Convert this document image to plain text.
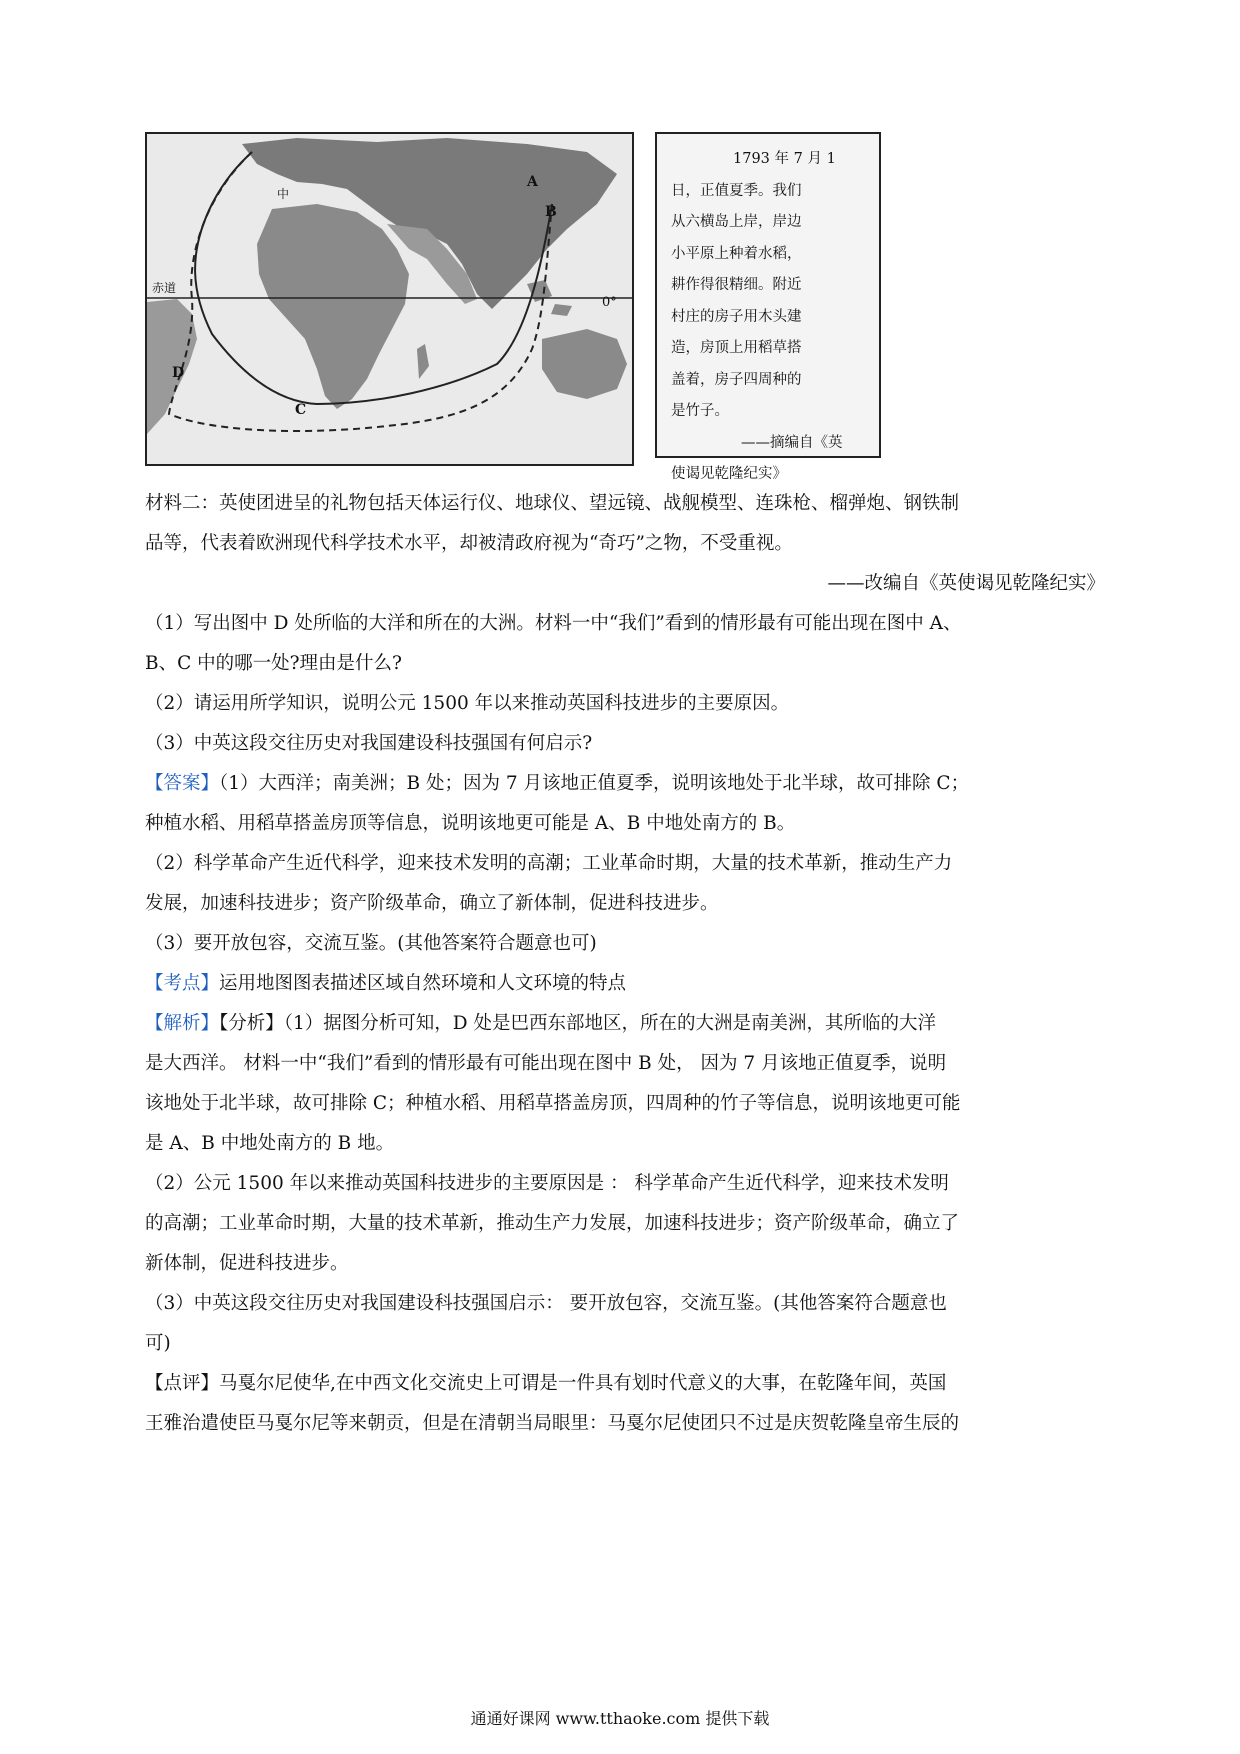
赤道
0°
A
B
C
D
中
1793 年 7 月 1
日，正值夏季。我们
从六横岛上岸，岸边
小平原上种着水稻，
耕作得很精细。附近
村庄的房子用木头建
造，房顶上用稻草搭
盖着，房子四周种的
是竹子。
——摘编自《英
使谒见乾隆纪实》

材料二：英使团进呈的礼物包括天体运行仪、地球仪、望远镜、战舰模型、连珠枪、榴弹炮、钢铁制

品等，代表着欧洲现代科学技术水平，却被清政府视为“奇巧”之物，不受重视。

——改编自《英使谒见乾隆纪实》

（1）写出图中 D 处所临的大洋和所在的大洲。材料一中“我们”看到的情形最有可能出现在图中 A、

B、C 中的哪一处?理由是什么?

（2）请运用所学知识，说明公元 1500 年以来推动英国科技进步的主要原因。

（3）中英这段交往历史对我国建设科技强国有何启示?

【答案】（1）大西洋；南美洲；B 处；因为 7 月该地正值夏季，说明该地处于北半球，故可排除 C；

种植水稻、用稻草搭盖房顶等信息，说明该地更可能是 A、B 中地处南方的 B。

（2）科学革命产生近代科学，迎来技术发明的高潮；工业革命时期，大量的技术革新，推动生产力

发展，加速科技进步；资产阶级革命，确立了新体制，促进科技进步。

（3）要开放包容，交流互鉴。(其他答案符合题意也可)

【考点】运用地图图表描述区域自然环境和人文环境的特点

【解析】【分析】（1）据图分析可知，D 处是巴西东部地区，所在的大洲是南美洲，其所临的大洋

是大西洋。 材料一中“我们”看到的情形最有可能出现在图中 B 处， 因为 7 月该地正值夏季，说明

该地处于北半球，故可排除 C；种植水稻、用稻草搭盖房顶，四周种的竹子等信息，说明该地更可能

是 A、B 中地处南方的 B 地。

（2）公元 1500 年以来推动英国科技进步的主要原因是 ： 科学革命产生近代科学，迎来技术发明

的高潮；工业革命时期，大量的技术革新，推动生产力发展，加速科技进步；资产阶级革命，确立了

新体制，促进科技进步。

（3）中英这段交往历史对我国建设科技强国启示： 要开放包容，交流互鉴。(其他答案符合题意也

可)

【点评】马戛尔尼使华,在中西文化交流史上可谓是一件具有划时代意义的大事，在乾隆年间，英国

王雅治遣使臣马戛尔尼等来朝贡，但是在清朝当局眼里：马戛尔尼使团只不过是庆贺乾隆皇帝生辰的

通通好课网 www.tthaoke.com 提供下载
